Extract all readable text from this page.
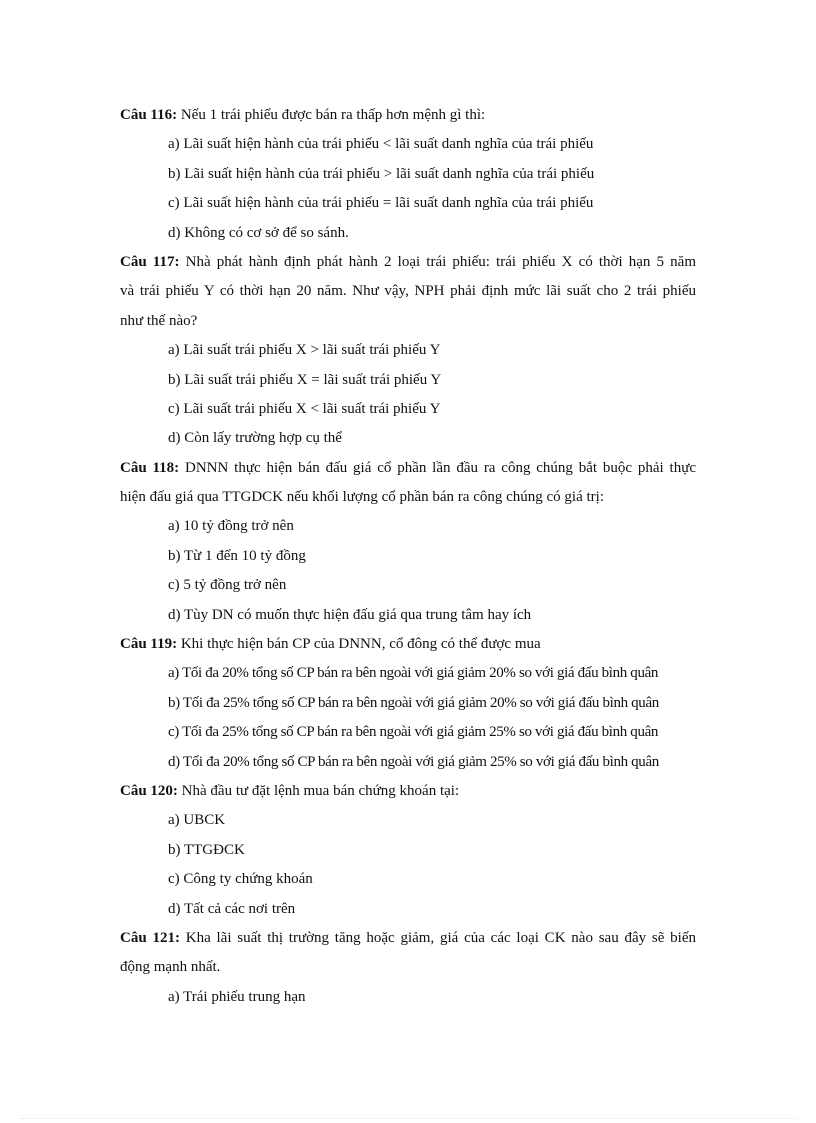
Câu 116: Nếu 1 trái phiếu được bán ra thấp hơn mệnh gì thì:
a) Lãi suất hiện hành của trái phiếu < lãi suất danh nghĩa của trái phiếu
b) Lãi suất hiện hành của trái phiếu > lãi suất danh nghĩa của trái phiếu
c) Lãi suất hiện hành của trái phiếu = lãi suất danh nghĩa của trái phiếu
d) Không có cơ sở để so sánh.
Câu 117: Nhà phát hành định phát hành 2 loại trái phiếu: trái phiếu X có thời hạn 5 năm
và trái phiếu Y có thời hạn 20 năm. Như vậy, NPH phải định mức lãi suất cho 2 trái phiếu
như thế nào?
a) Lãi suất trái phiếu X > lãi suất trái phiếu Y
b) Lãi suất trái phiếu X = lãi suất trái phiếu Y
c) Lãi suất trái phiếu X < lãi suất trái phiếu Y
d) Còn lấy trường hợp cụ thể
Câu 118: DNNN thực hiện bán đấu giá cổ phần lần đầu ra công chúng bắt buộc phải thực
hiện đấu giá qua TTGDCK nếu khối lượng cổ phần bán ra công chúng có giá trị:
a) 10 tỷ đồng trở nên
b) Từ 1 đến 10 tỷ đồng
c) 5 tỷ đồng trở nên
d) Tùy DN có muốn thực hiện đấu giá qua trung tâm hay ích
Câu 119: Khi thực hiện bán CP của DNNN, cổ đông có thể được mua
a) Tối đa 20% tổng số CP bán ra bên ngoài với giá giảm 20% so với giá đấu bình quân
b) Tối đa 25% tổng số CP bán ra bên ngoài với giá giảm 20% so với giá đấu bình quân
c) Tối đa 25% tổng số CP bán ra bên ngoài với giá giảm 25% so với giá đấu bình quân
d) Tối đa 20% tổng số CP bán ra bên ngoài với giá giảm 25% so với giá đấu bình quân
Câu 120: Nhà đầu tư đặt lệnh mua bán chứng khoán tại:
a) UBCK
b) TTGĐCK
c) Công ty chứng khoán
d) Tất cả các nơi trên
Câu 121: Kha lãi suất thị trường tăng hoặc giảm, giá của các loại CK nào sau đây sẽ biến
động mạnh nhất.
a) Trái phiếu trung hạn
